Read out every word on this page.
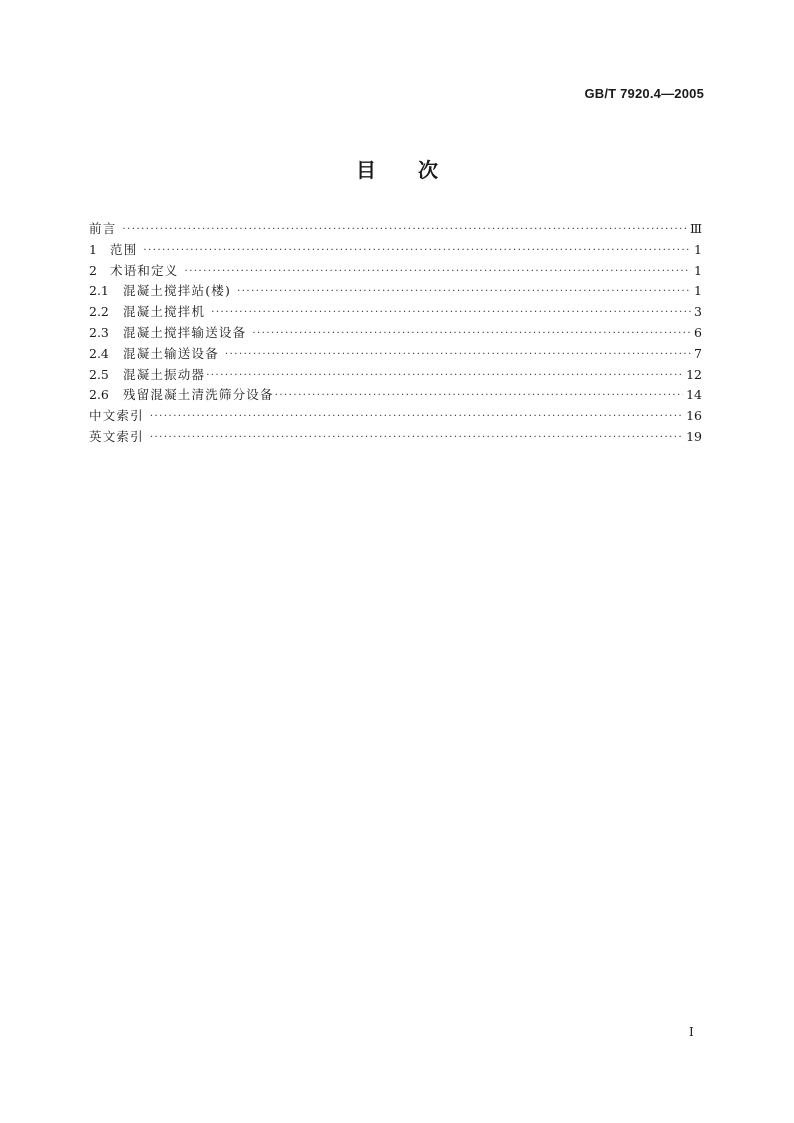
GB/T 7920.4—2005

目 次
前言 ·····	Ⅲ
1	范围 ·····	1
2	术语和定义 ·····	1
2.1	混凝土搅拌站(楼) ·····	1
2.2	混凝土搅拌机 ·····	3
2.3	混凝土搅拌输送设备 ·····	6
2.4	混凝土输送设备 ·····	7
2.5	混凝土振动器 ·····	12
2.6	残留混凝土清洗筛分设备 ·····	14
中文索引 ·····	16
英文索引 ·····	19

I
